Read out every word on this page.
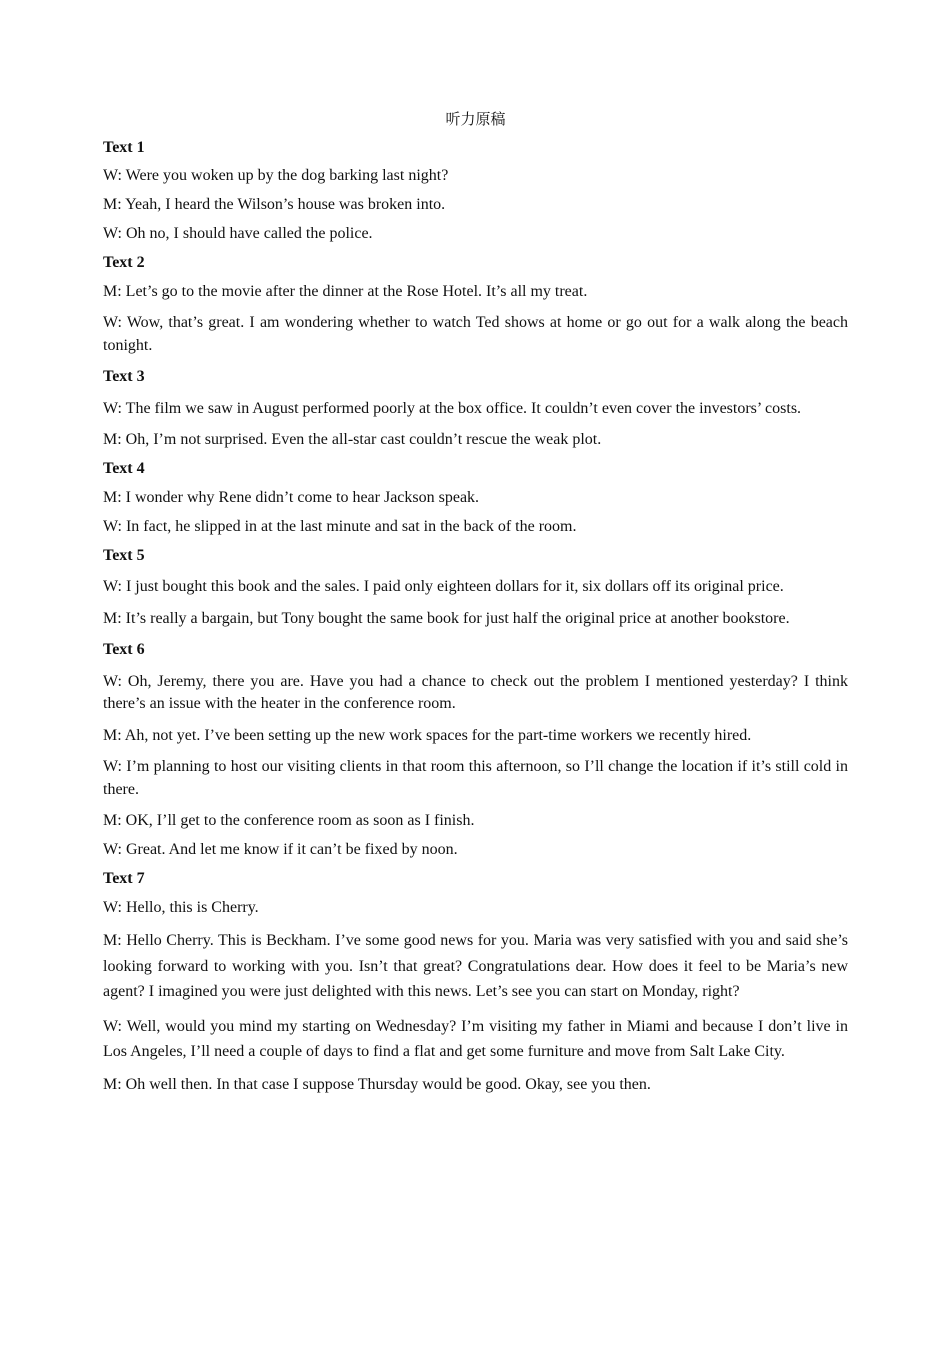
听力原稿
Text 1

W: Were you woken up by the dog barking last night?

M: Yeah, I heard the Wilson’s house was broken into.

W: Oh no, I should have called the police.

Text 2

M: Let’s go to the movie after the dinner at the Rose Hotel. It’s all my treat.

W: Wow, that’s great. I am wondering whether to watch Ted shows at home or go out for a walk along the beach tonight.

Text 3

W: The film we saw in August performed poorly at the box office. It couldn’t even cover the investors’ costs.

M: Oh, I’m not surprised. Even the all-star cast couldn’t rescue the weak plot.

Text 4

M: I wonder why Rene didn’t come to hear Jackson speak.

W: In fact, he slipped in at the last minute and sat in the back of the room.

Text 5

W: I just bought this book and the sales. I paid only eighteen dollars for it, six dollars off its original price.

M: It’s really a bargain, but Tony bought the same book for just half the original price at another bookstore.

Text 6

W: Oh, Jeremy, there you are. Have you had a chance to check out the problem I mentioned yesterday? I think there’s an issue with the heater in the conference room.

M: Ah, not yet. I’ve been setting up the new work spaces for the part-time workers we recently hired.

W: I’m planning to host our visiting clients in that room this afternoon, so I’ll change the location if it’s still cold in there.

M: OK, I’ll get to the conference room as soon as I finish.

W: Great. And let me know if it can’t be fixed by noon.

Text 7

W: Hello, this is Cherry.

M: Hello Cherry. This is Beckham. I’ve some good news for you. Maria was very satisfied with you and said she’s looking forward to working with you. Isn’t that great? Congratulations dear. How does it feel to be Maria’s new agent? I imagined you were just delighted with this news. Let’s see you can start on Monday, right?

W: Well, would you mind my starting on Wednesday? I’m visiting my father in Miami and because I don’t live in Los Angeles, I’ll need a couple of days to find a flat and get some furniture and move from Salt Lake City.

M: Oh well then. In that case I suppose Thursday would be good. Okay, see you then.
